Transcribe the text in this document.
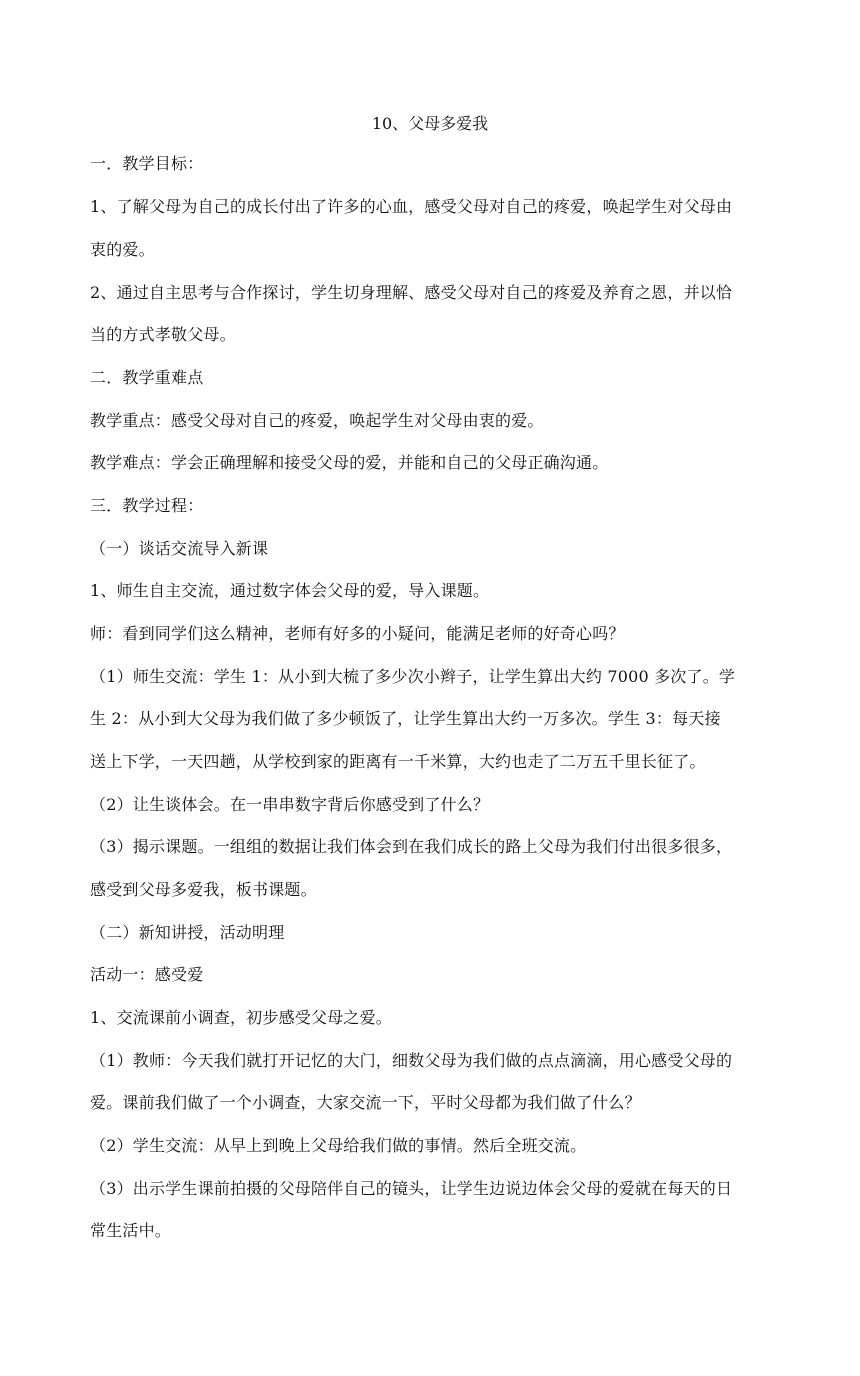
10、父母多爱我
一．教学目标：
1、了解父母为自己的成长付出了许多的心血，感受父母对自己的疼爱，唤起学生对父母由
衷的爱。
2、通过自主思考与合作探讨，学生切身理解、感受父母对自己的疼爱及养育之恩，并以恰
当的方式孝敬父母。
二．教学重难点
教学重点：感受父母对自己的疼爱，唤起学生对父母由衷的爱。
教学难点：学会正确理解和接受父母的爱，并能和自己的父母正确沟通。
三．教学过程：
（一）谈话交流导入新课
1、师生自主交流，通过数字体会父母的爱，导入课题。
师：看到同学们这么精神，老师有好多的小疑问，能满足老师的好奇心吗？
（1）师生交流：学生 1：从小到大梳了多少次小辫子，让学生算出大约 7000 多次了。学
生 2：从小到大父母为我们做了多少顿饭了，让学生算出大约一万多次。学生 3：每天接
送上下学，一天四趟，从学校到家的距离有一千米算，大约也走了二万五千里长征了。
（2）让生谈体会。在一串串数字背后你感受到了什么？
（3）揭示课题。一组组的数据让我们体会到在我们成长的路上父母为我们付出很多很多，
感受到父母多爱我，板书课题。
（二）新知讲授，活动明理
活动一：感受爱
1、交流课前小调查，初步感受父母之爱。
（1）教师：今天我们就打开记忆的大门，细数父母为我们做的点点滴滴，用心感受父母的
爱。课前我们做了一个小调查，大家交流一下，平时父母都为我们做了什么？
（2）学生交流：从早上到晚上父母给我们做的事情。然后全班交流。
（3）出示学生课前拍摄的父母陪伴自己的镜头，让学生边说边体会父母的爱就在每天的日
常生活中。
